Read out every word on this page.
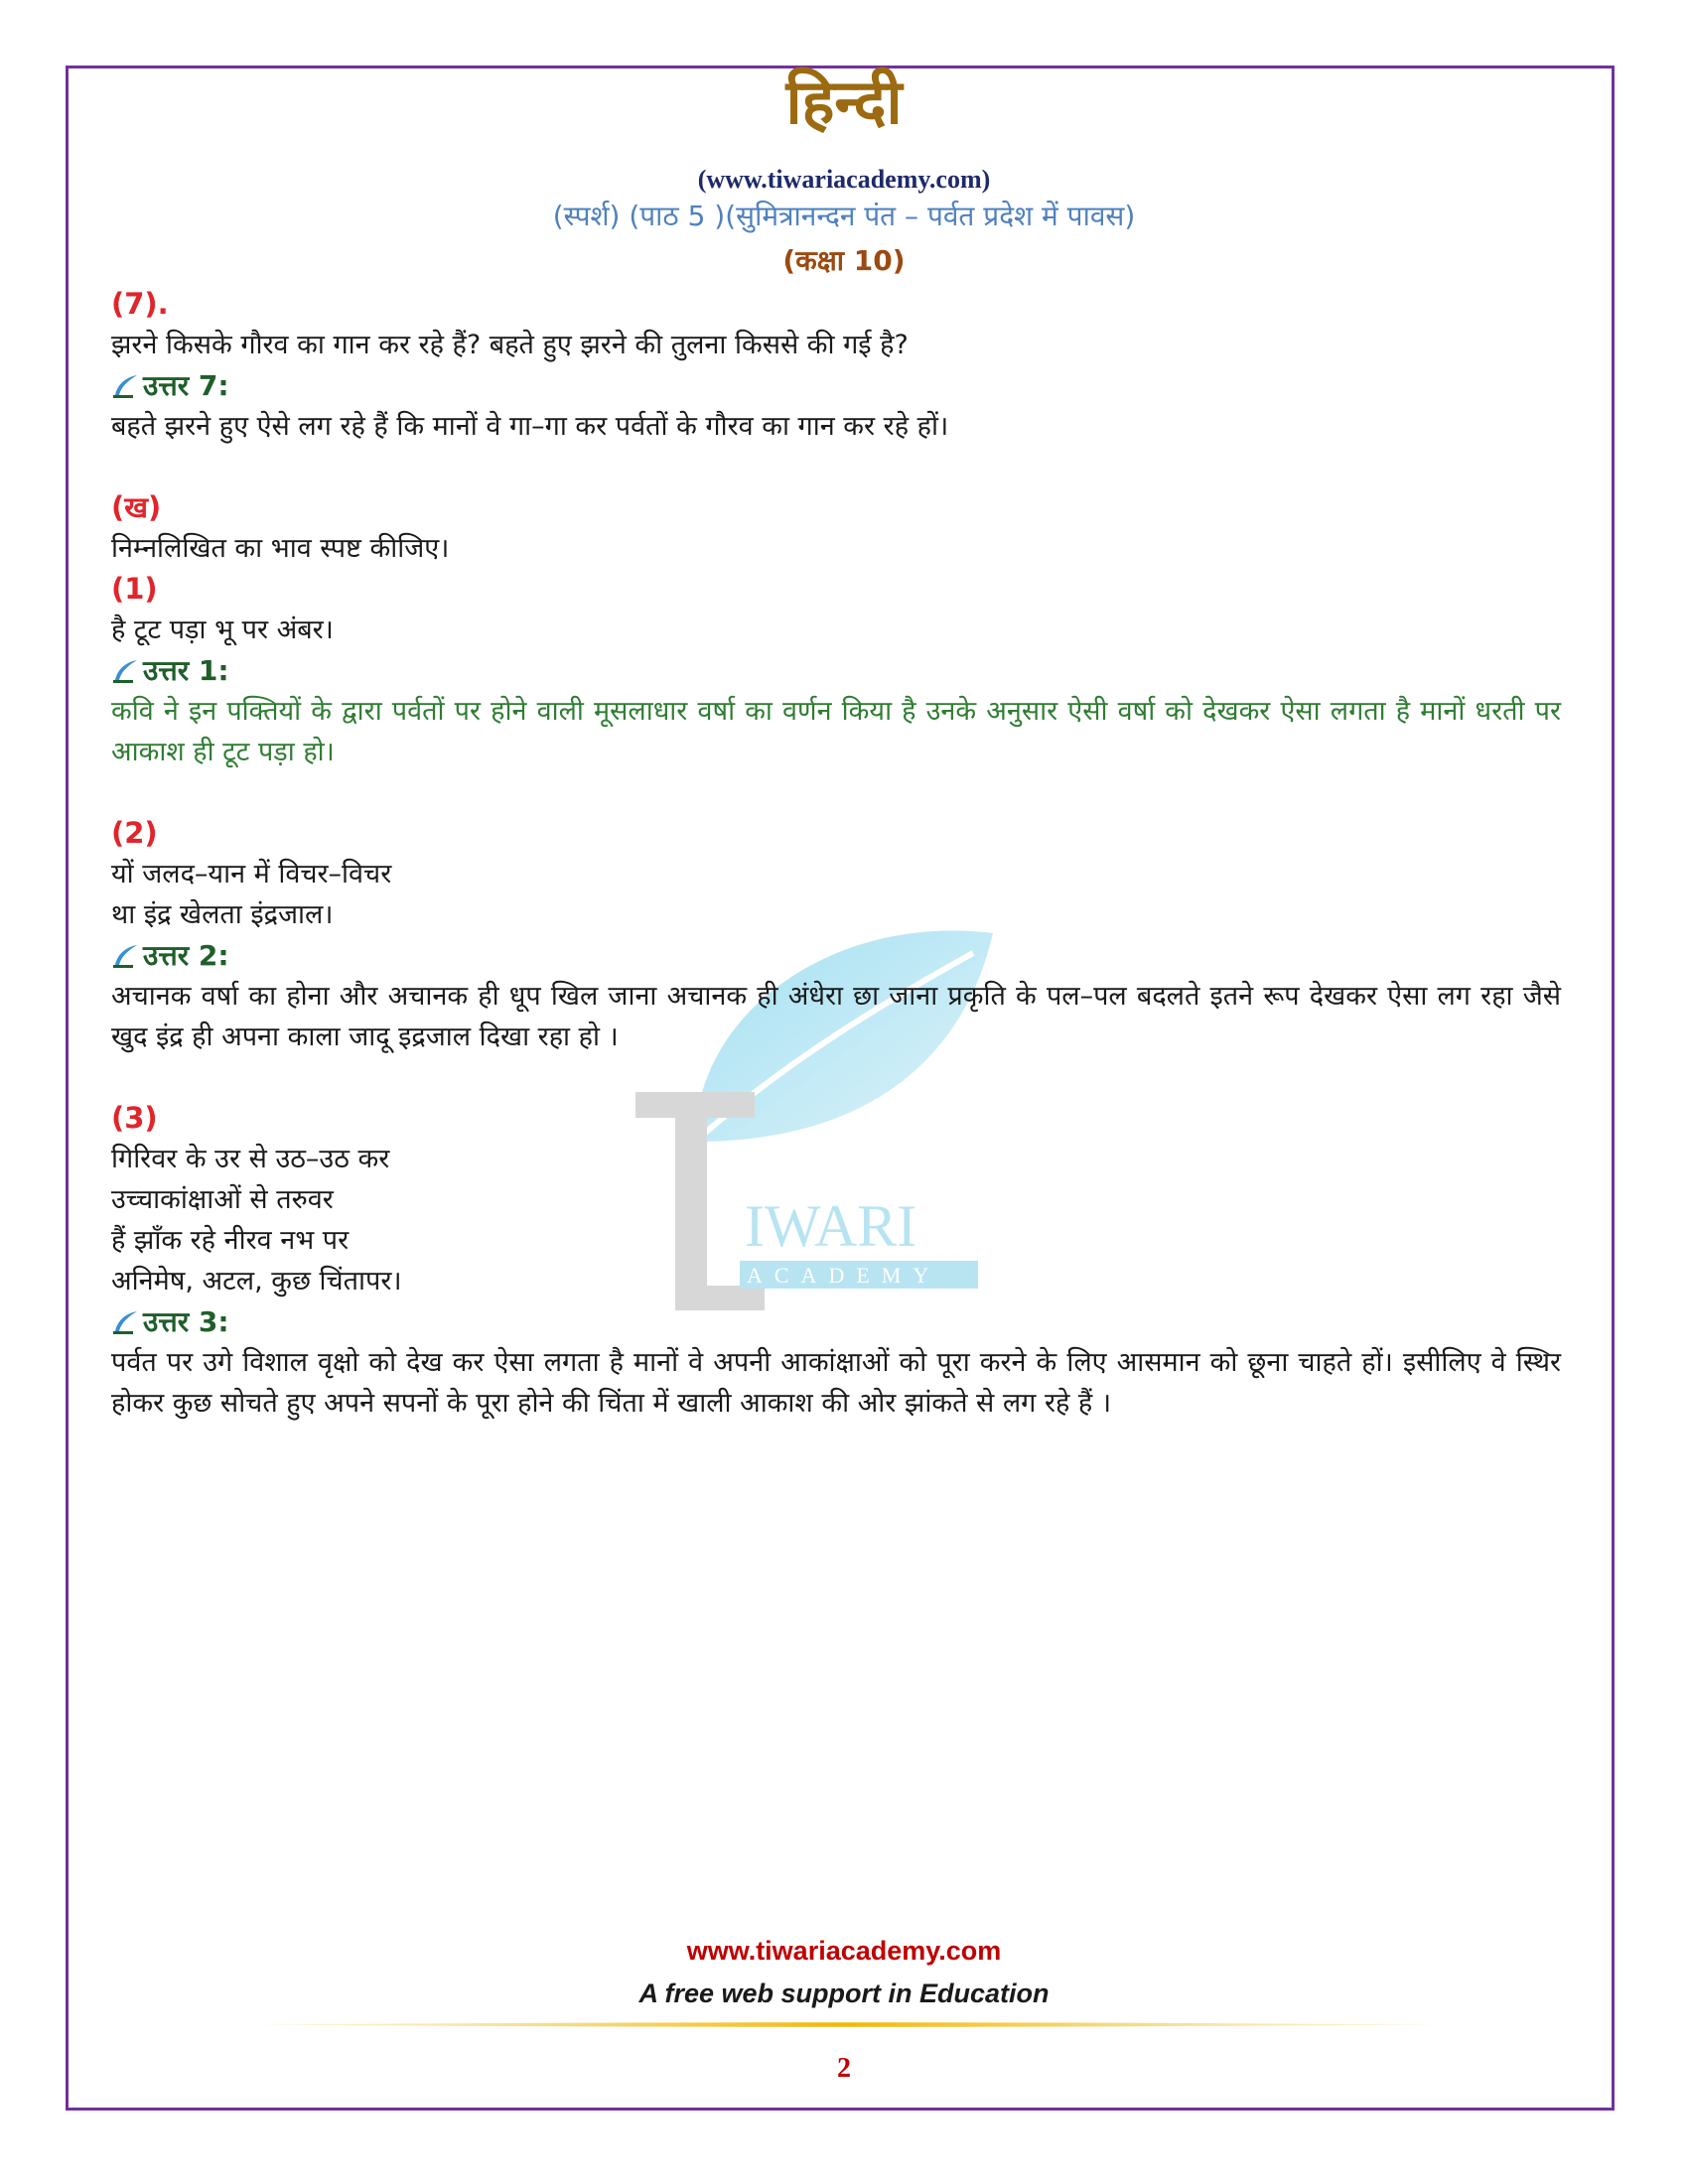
IWARI
ACADEMY
हिन्दी
(www.tiwariacademy.com)
(स्पर्श) (पाठ 5 )(सुमित्रानन्दन पंत – पर्वत प्रदेश में पावस)
(कक्षा 10)

(7).

झरने किसके गौरव का गान कर रहे हैं? बहते हुए झरने की तुलना किससे की गई है?

उत्तर 7:

बहते झरने हुए ऐसे लग रहे हैं कि मानों वे गा–गा कर पर्वतों के गौरव का गान कर रहे हों।

(ख)

निम्नलिखित का भाव स्पष्ट कीजिए।

(1)

है टूट पड़ा भू पर अंबर।

उत्तर 1:

कवि ने इन पक्तियों के द्वारा पर्वतों पर होने वाली मूसलाधार वर्षा का वर्णन किया है उनके अनुसार ऐसी वर्षा को देखकर ऐसा लगता है मानों धरती पर आकाश ही टूट पड़ा हो।

(2)

यों जलद–यान में विचर–विचर

था इंद्र खेलता इंद्रजाल।

उत्तर 2:

अचानक वर्षा का होना और अचानक ही धूप खिल जाना अचानक ही अंधेरा छा जाना प्रकृति के पल–पल बदलते इतने रूप देखकर ऐसा लग रहा जैसे खुद इंद्र ही अपना काला जादू इद्रजाल दिखा रहा हो ।

(3)

गिरिवर के उर से उठ–उठ कर

उच्चाकांक्षाओं से तरुवर

हैं झाँक रहे नीरव नभ पर

अनिमेष, अटल, कुछ चिंतापर।

उत्तर 3:

पर्वत पर उगे विशाल वृक्षो को देख कर ऐसा लगता है मानों वे अपनी आकांक्षाओं को पूरा करने के लिए आसमान को छूना चाहते हों। इसीलिए वे स्थिर होकर कुछ सोचते हुए अपने सपनों के पूरा होने की चिंता में खाली आकाश की ओर झांकते से लग रहे हैं ।

www.tiwariacademy.com
A free web support in Education
2
